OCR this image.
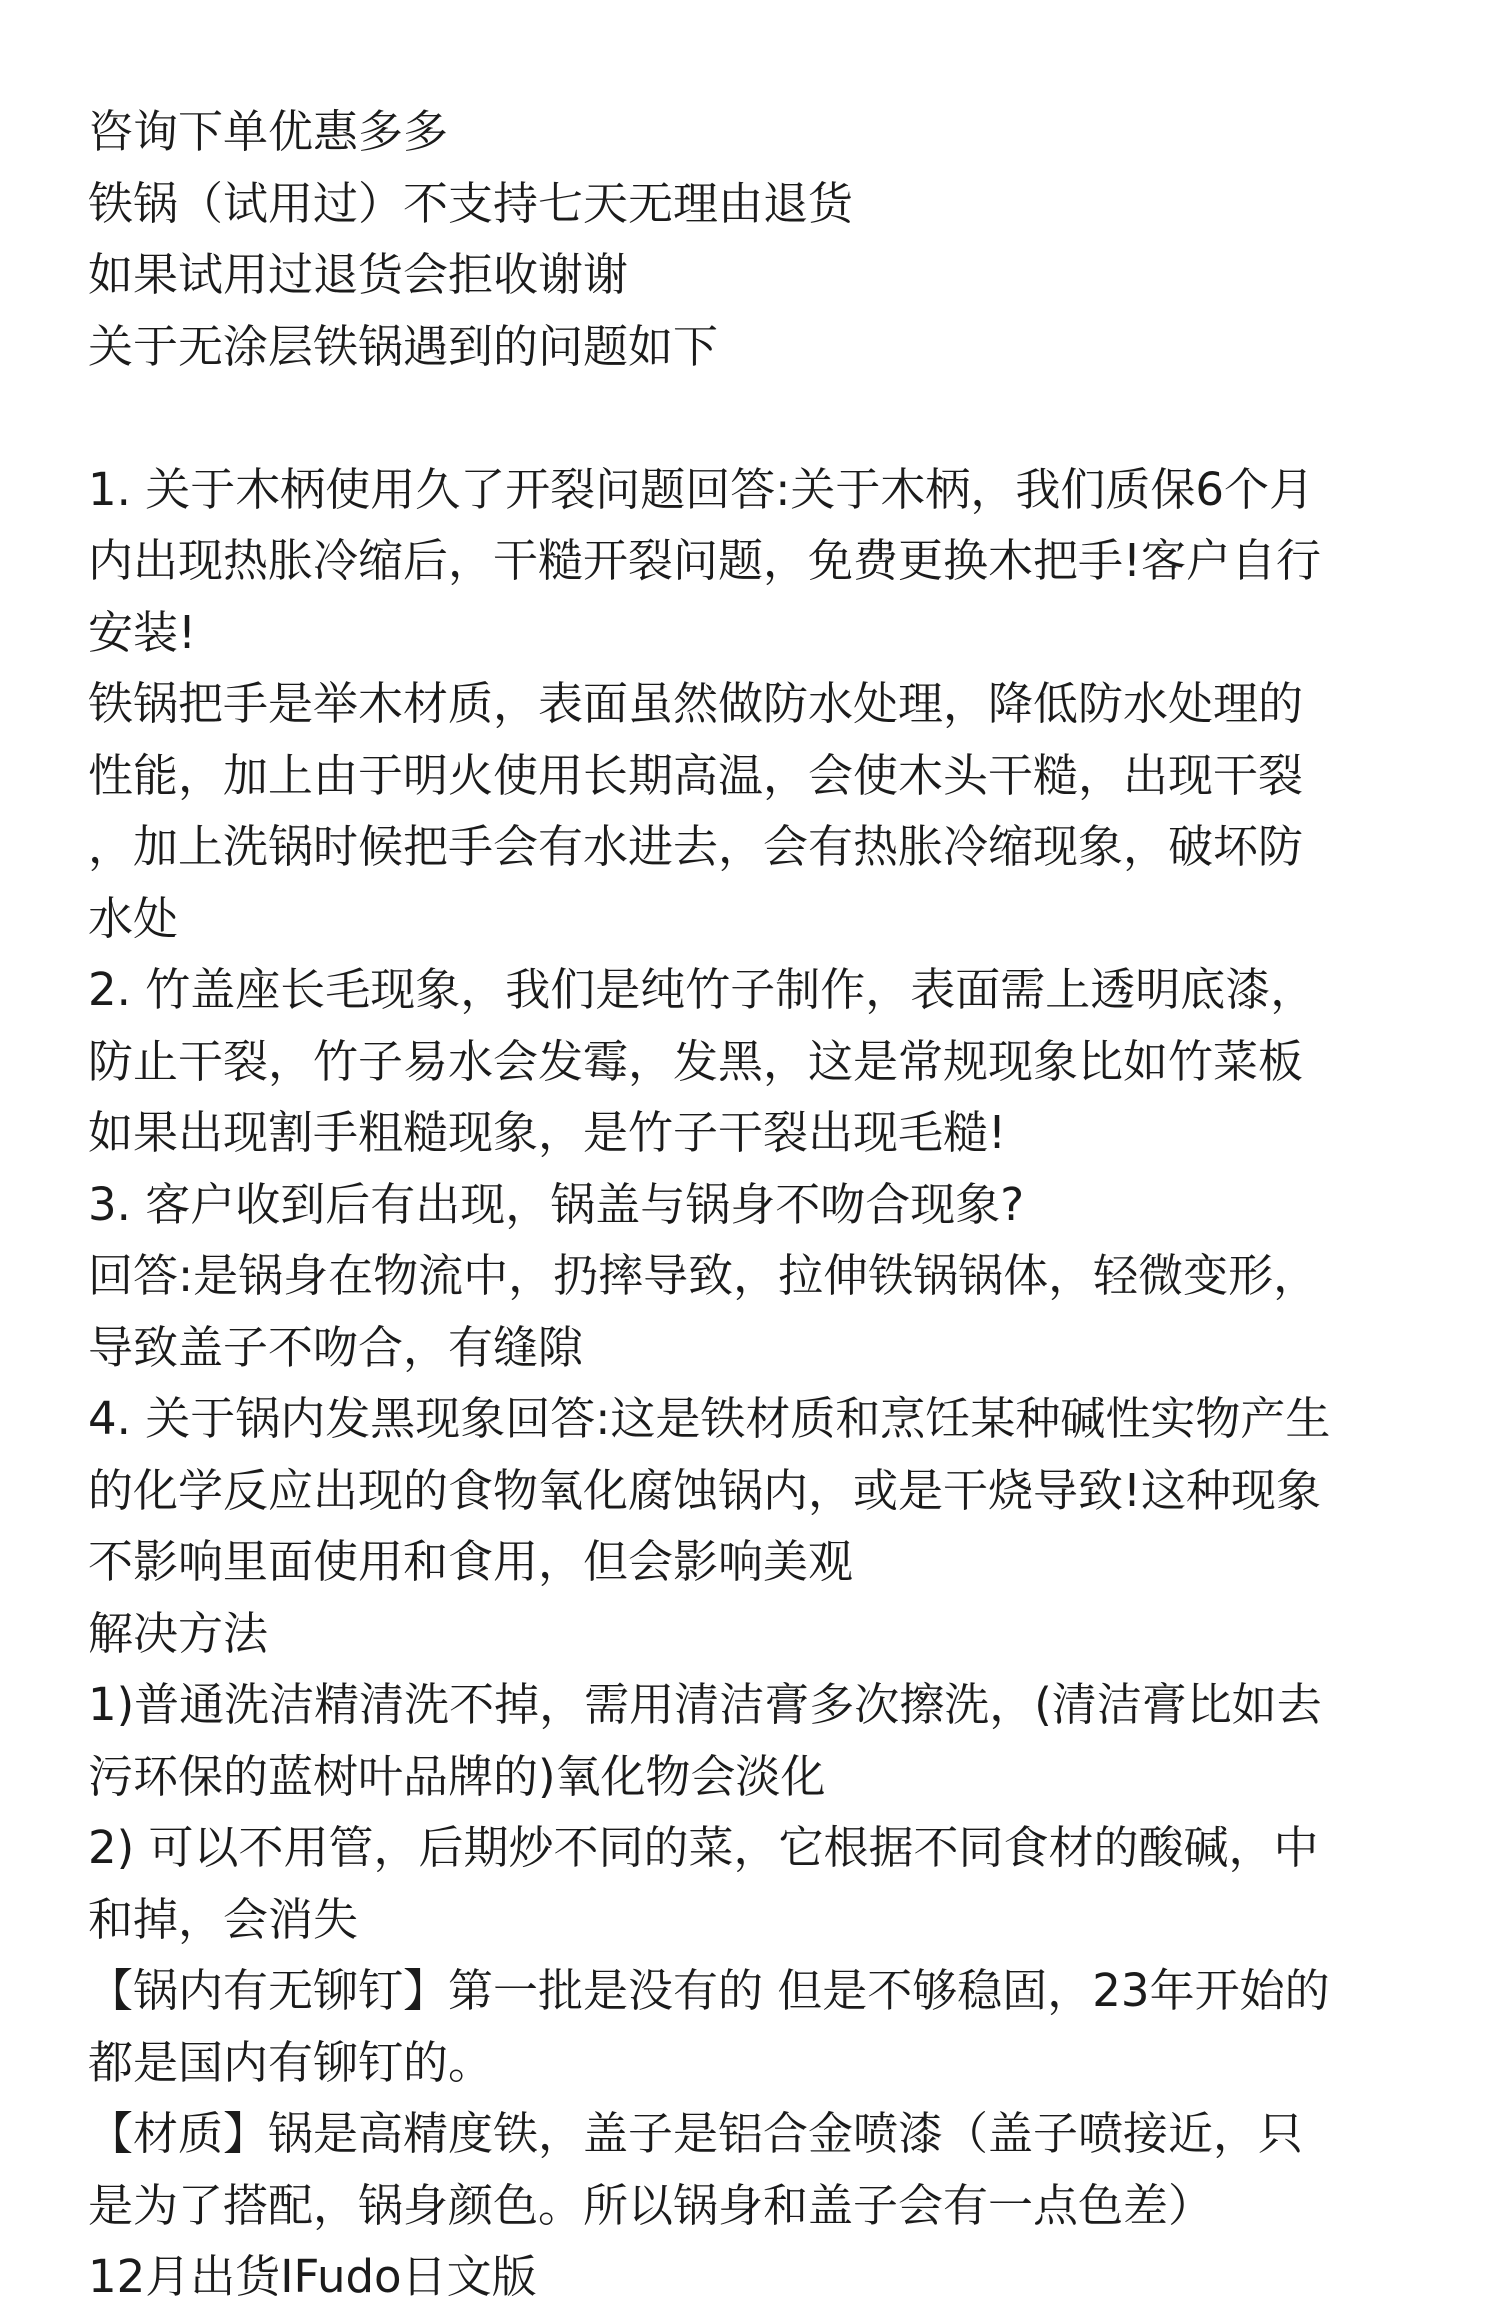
咨询下单优惠多多
铁锅（试用过）不支持七天无理由退货
如果试用过退货会拒收谢谢
关于无涂层铁锅遇到的问题如下
1. 关于木柄使用久了开裂问题回答:关于木柄，我们质保6个月
内出现热胀冷缩后，干糙开裂问题，免费更换木把手!客户自行
安装!
铁锅把手是举木材质，表面虽然做防水处理，降低防水处理的
性能，加上由于明火使用长期高温，会使木头干糙，出现干裂
，加上洗锅时候把手会有水进去，会有热胀冷缩现象，破坏防
水处
2. 竹盖座长毛现象，我们是纯竹子制作，表面需上透明底漆，
防止干裂，竹子易水会发霉，发黑，这是常规现象比如竹菜板
如果出现割手粗糙现象，是竹子干裂出现毛糙!
3. 客户收到后有出现，锅盖与锅身不吻合现象?
回答:是锅身在物流中，扔摔导致，拉伸铁锅锅体，轻微变形，
导致盖子不吻合，有缝隙
4. 关于锅内发黑现象回答:这是铁材质和烹饪某种碱性实物产生
的化学反应出现的食物氧化腐蚀锅内，或是干烧导致!这种现象
不影响里面使用和食用，但会影响美观
解决方法
1)普通洗洁精清洗不掉，需用清洁膏多次擦洗，(清洁膏比如去
污环保的蓝树叶品牌的)氧化物会淡化
2) 可以不用管，后期炒不同的菜，它根据不同食材的酸碱，中
和掉，会消失
【锅内有无铆钉】第一批是没有的 但是不够稳固，23年开始的
都是国内有铆钉的。
【材质】锅是高精度铁，盖子是铝合金喷漆（盖子喷接近，只
是为了搭配，锅身颜色。所以锅身和盖子会有一点色差）
12月出货IFudo日文版
